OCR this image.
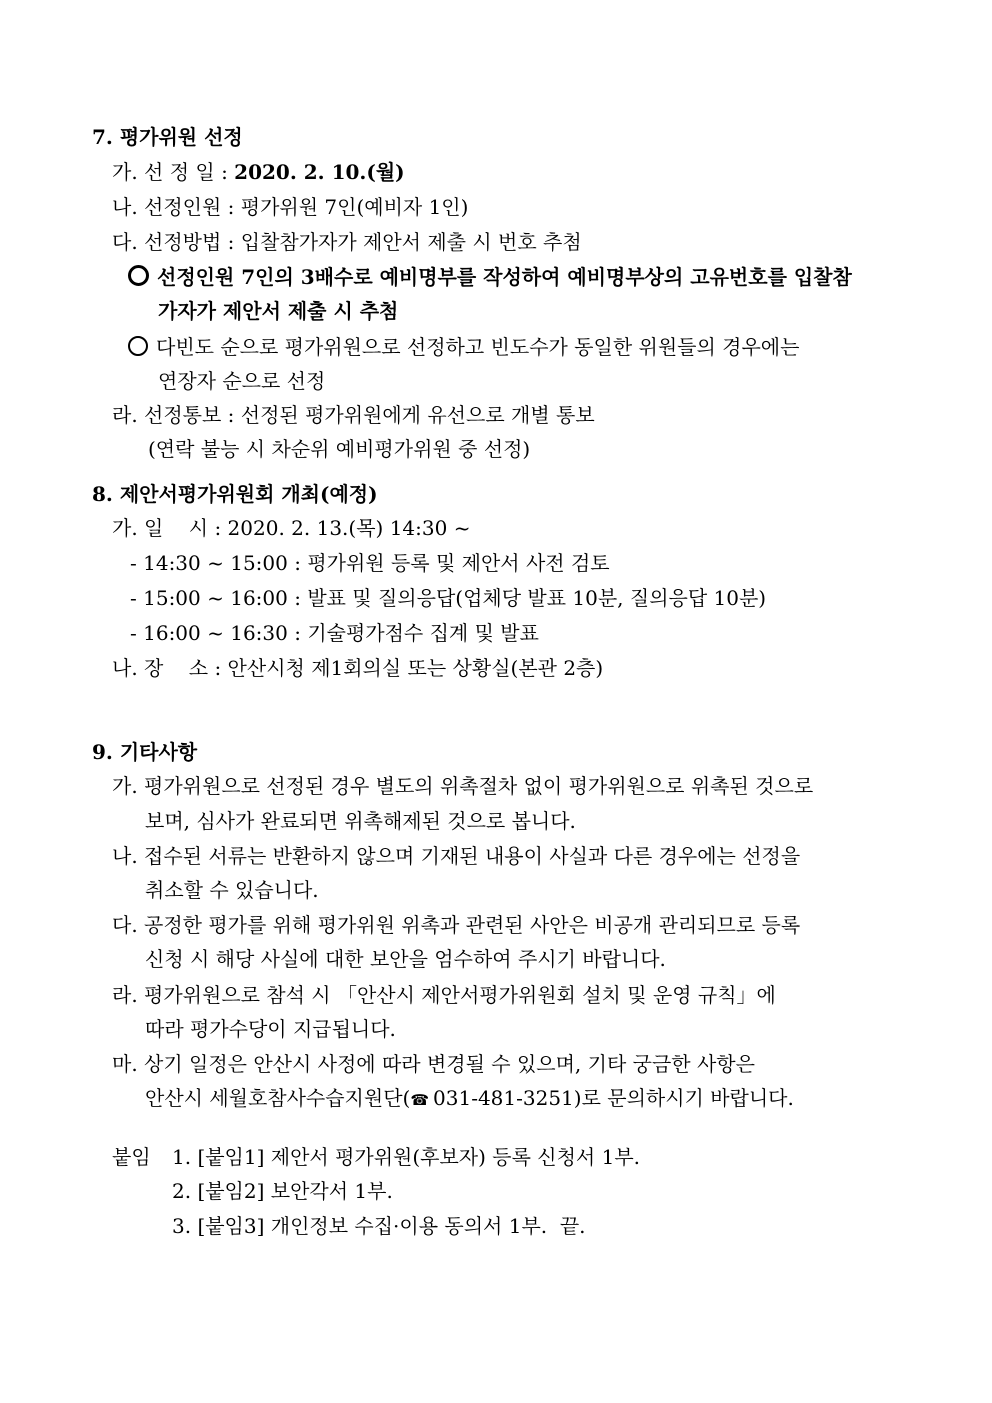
7. 평가위원 선정
가. 선 정 일 : 2020. 2. 10.(월)
나. 선정인원 : 평가위원 7인(예비자 1인)
다. 선정방법 : 입찰참가자가 제안서 제출 시 번호 추첨
선정인원 7인의 3배수로 예비명부를 작성하여 예비명부상의 고유번호를 입찰참
가자가 제안서 제출 시 추첨
다빈도 순으로 평가위원으로 선정하고 빈도수가 동일한 위원들의 경우에는
연장자 순으로 선정
라. 선정통보 : 선정된 평가위원에게 유선으로 개별 통보
(연락 불능 시 차순위 예비평가위원 중 선정)
8. 제안서평가위원회 개최(예정)
가. 일    시 : 2020. 2. 13.(목) 14:30 ~
- 14:30 ~ 15:00 : 평가위원 등록 및 제안서 사전 검토
- 15:00 ~ 16:00 : 발표 및 질의응답(업체당 발표 10분, 질의응답 10분)
- 16:00 ~ 16:30 : 기술평가점수 집계 및 발표
나. 장    소 : 안산시청 제1회의실 또는 상황실(본관 2층)
9. 기타사항
가. 평가위원으로 선정된 경우 별도의 위촉절차 없이 평가위원으로 위촉된 것으로
보며, 심사가 완료되면 위촉해제된 것으로 봅니다.
나. 접수된 서류는 반환하지 않으며 기재된 내용이 사실과 다른 경우에는 선정을
취소할 수 있습니다.
다. 공정한 평가를 위해 평가위원 위촉과 관련된 사안은 비공개 관리되므로 등록
신청 시 해당 사실에 대한 보안을 엄수하여 주시기 바랍니다.
라. 평가위원으로 참석 시 「안산시 제안서평가위원회 설치 및 운영 규칙」에
따라 평가수당이 지급됩니다.
마. 상기 일정은 안산시 사정에 따라 변경될 수 있으며, 기타 궁금한 사항은
안산시 세월호참사수습지원단(☎ 031-481-3251)로 문의하시기 바랍니다.
붙임 1. [붙임1] 제안서 평가위원(후보자) 등록 신청서 1부.
2. [붙임2] 보안각서 1부.
3. [붙임3] 개인정보 수집·이용 동의서 1부.  끝.
